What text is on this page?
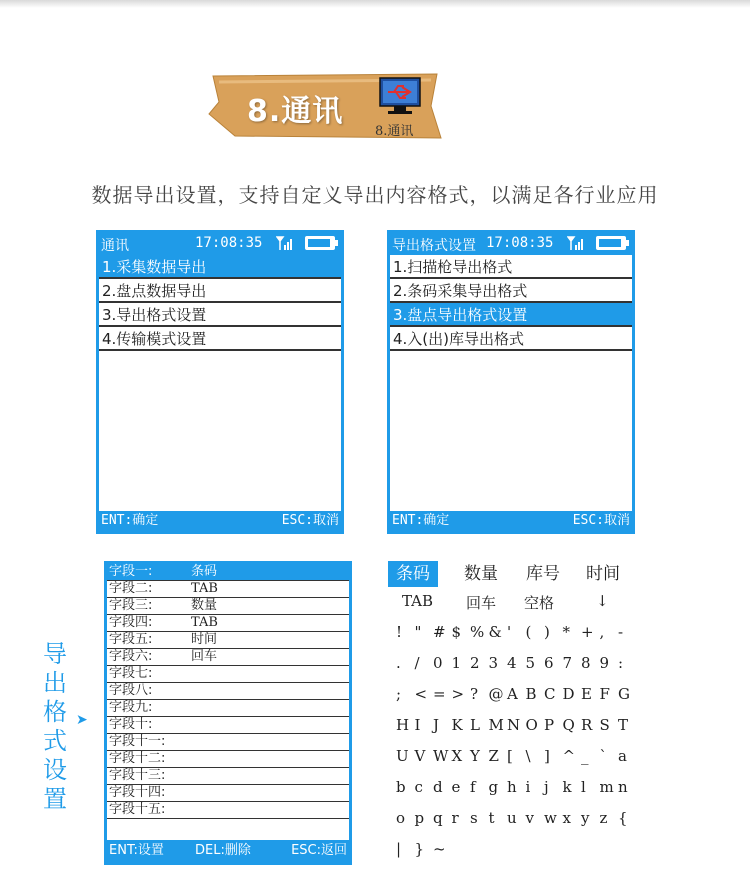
8.通讯
8.通讯
数据导出设置，支持自定义导出内容格式，以满足各行业应用
通讯	17:08:35
1.采集数据导出
2.盘点数据导出
3.导出格式设置
4.传输模式设置
ENT:确定	ESC:取消
导出格式设置 17:08:35
1.扫描枪导出格式
2.条码采集导出格式
3.盘点导出格式设置
4.入(出)库导出格式
ENT:确定	ESC:取消
导出格式设置
➤
字段一:	条码
字段二:	TAB
字段三:	数量
字段四:	TAB
字段五:	时间
字段六:	回车
字段七:
字段八:
字段九:
字段十:
字段十一:
字段十二:
字段十三:
字段十四:
字段十五:
ENT:设置 DEL:删除	ESC:返回
条码	数量 库号 时间
TAB 回车 空格	↓
! " # $ % & ' ( ) * + , -
. / 0 1 2 3 4 5 6 7 8 9 :
; < = > ? @ A B C D E F G
H I J K L M N O P Q R S T
U V W X Y Z [ \ ] ^ _ ` a
b c d e f g h i j k l m n
o p q r s t u v w x y z {
| } ~
